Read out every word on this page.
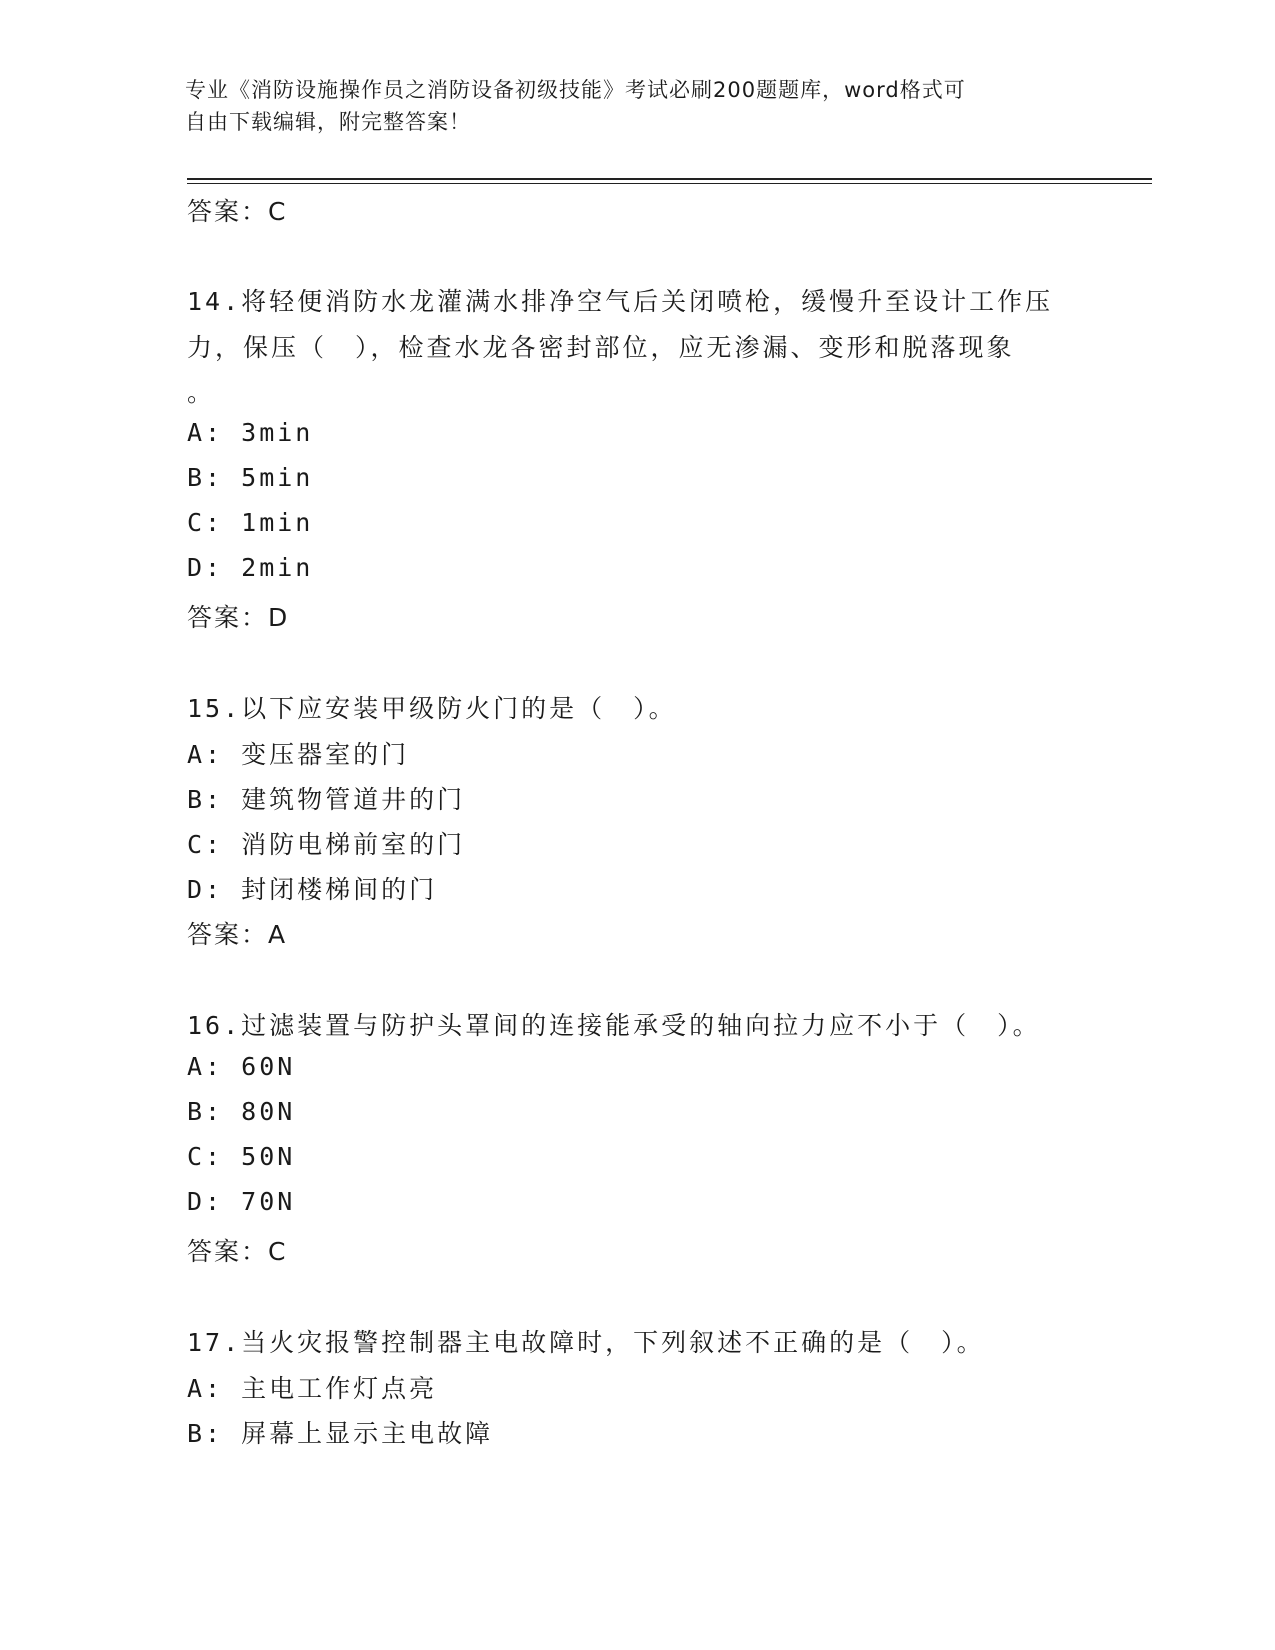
专业《消防设施操作员之消防设备初级技能》考试必刷200题题库，word格式可
自由下载编辑，附完整答案！
答案：C
14.将轻便消防水龙灌满水排净空气后关闭喷枪，缓慢升至设计工作压
力，保压（　），检查水龙各密封部位，应无渗漏、变形和脱落现象
。
A: 3min
B: 5min
C: 1min
D: 2min
答案：D
15.以下应安装甲级防火门的是（　）。
A: 变压器室的门
B: 建筑物管道井的门
C: 消防电梯前室的门
D: 封闭楼梯间的门
答案：A
16.过滤装置与防护头罩间的连接能承受的轴向拉力应不小于（　）。
A: 60N
B: 80N
C: 50N
D: 70N
答案：C
17.当火灾报警控制器主电故障时，下列叙述不正确的是（　）。
A: 主电工作灯点亮
B: 屏幕上显示主电故障
